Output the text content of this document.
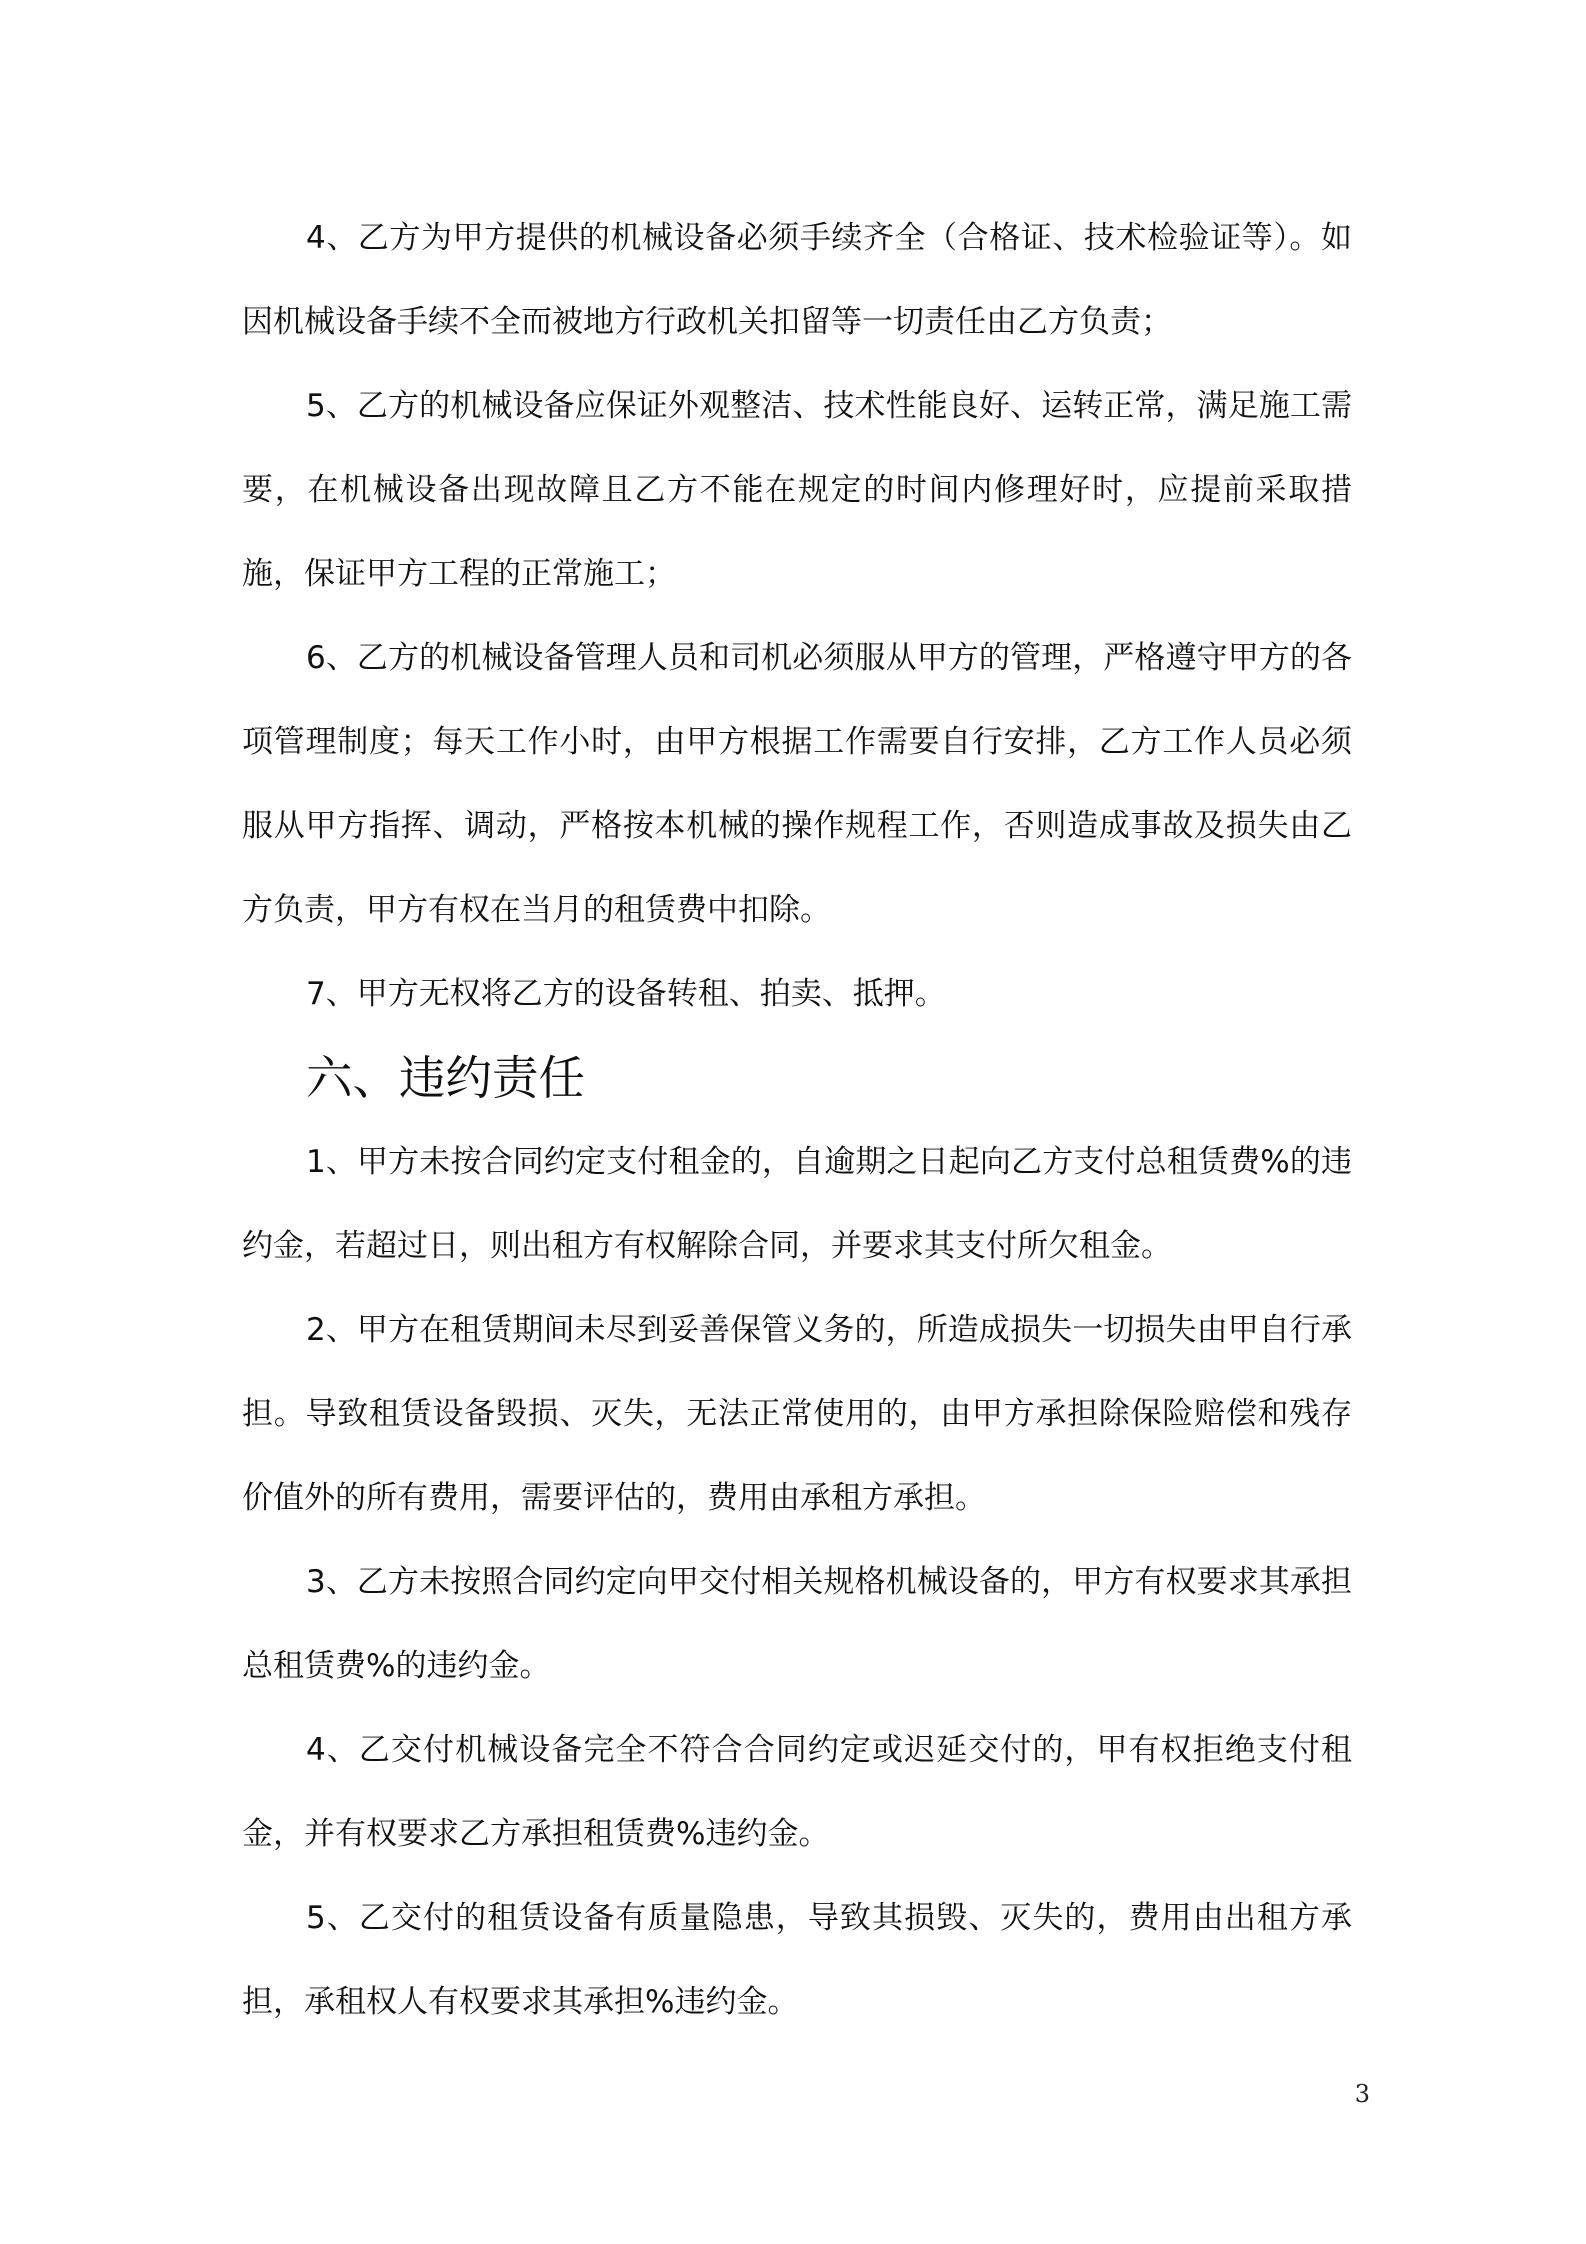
4、乙方为甲方提供的机械设备必须手续齐全（合格证、技术检验证等）。如因机械设备手续不全而被地方行政机关扣留等一切责任由乙方负责；

5、乙方的机械设备应保证外观整洁、技术性能良好、运转正常，满足施工需要，在机械设备出现故障且乙方不能在规定的时间内修理好时，应提前采取措施，保证甲方工程的正常施工；

6、乙方的机械设备管理人员和司机必须服从甲方的管理，严格遵守甲方的各项管理制度；每天工作小时，由甲方根据工作需要自行安排，乙方工作人员必须服从甲方指挥、调动，严格按本机械的操作规程工作，否则造成事故及损失由乙方负责，甲方有权在当月的租赁费中扣除。

7、甲方无权将乙方的设备转租、拍卖、抵押。

六、违约责任

1、甲方未按合同约定支付租金的，自逾期之日起向乙方支付总租赁费%的违约金，若超过日，则出租方有权解除合同，并要求其支付所欠租金。

2、甲方在租赁期间未尽到妥善保管义务的，所造成损失一切损失由甲自行承担。导致租赁设备毁损、灭失，无法正常使用的，由甲方承担除保险赔偿和残存价值外的所有费用，需要评估的，费用由承租方承担。

3、乙方未按照合同约定向甲交付相关规格机械设备的，甲方有权要求其承担总租赁费%的违约金。

4、乙交付机械设备完全不符合合同约定或迟延交付的，甲有权拒绝支付租金，并有权要求乙方承担租赁费%违约金。

5、乙交付的租赁设备有质量隐患，导致其损毁、灭失的，费用由出租方承担，承租权人有权要求其承担%违约金。

3
